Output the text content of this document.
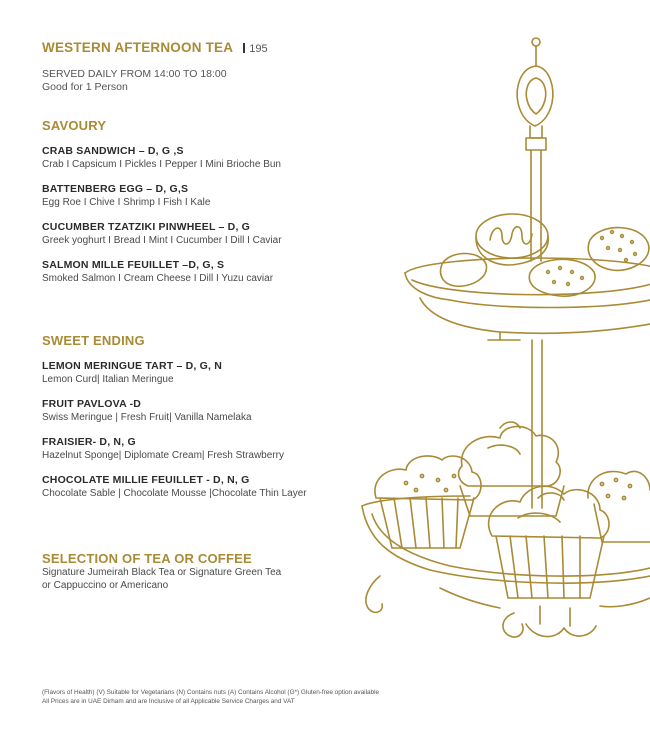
WESTERN AFTERNOON TEA	195
SERVED DAILY FROM 14:00 TO 18:00
Good for 1 Person
SAVOURY
CRAB SANDWICH – D, G ,S
Crab I Capsicum I Pickles I Pepper I Mini Brioche Bun
BATTENBERG EGG – D, G,S
Egg Roe I Chive I Shrimp I Fish I Kale
CUCUMBER TZATZIKI PINWHEEL – D, G
Greek yoghurt I Bread I Mint I Cucumber I Dill I Caviar
SALMON MILLE FEUILLET –D, G, S
Smoked Salmon I Cream Cheese I Dill I Yuzu caviar
SWEET ENDING
LEMON MERINGUE TART – D, G, N
Lemon Curd| Italian Meringue
FRUIT PAVLOVA -D
Swiss Meringue | Fresh Fruit| Vanilla Namelaka
FRAISIER- D, N, G
Hazelnut Sponge| Diplomate Cream| Fresh Strawberry
CHOCOLATE MILLIE FEUILLET - D, N, G
Chocolate Sable | Chocolate Mousse |Chocolate Thin Layer
SELECTION OF TEA OR COFFEE
Signature Jumeirah Black Tea or Signature Green Tea
or Cappuccino or Americano
(Flavors of Health) (V) Suitable for Vegetarians (N) Contains nuts (A) Contains Alcohol (G*) Gluten-free option available
All Prices are in UAE Dirham and are Inclusive of all Applicable Service Charges and VAT
